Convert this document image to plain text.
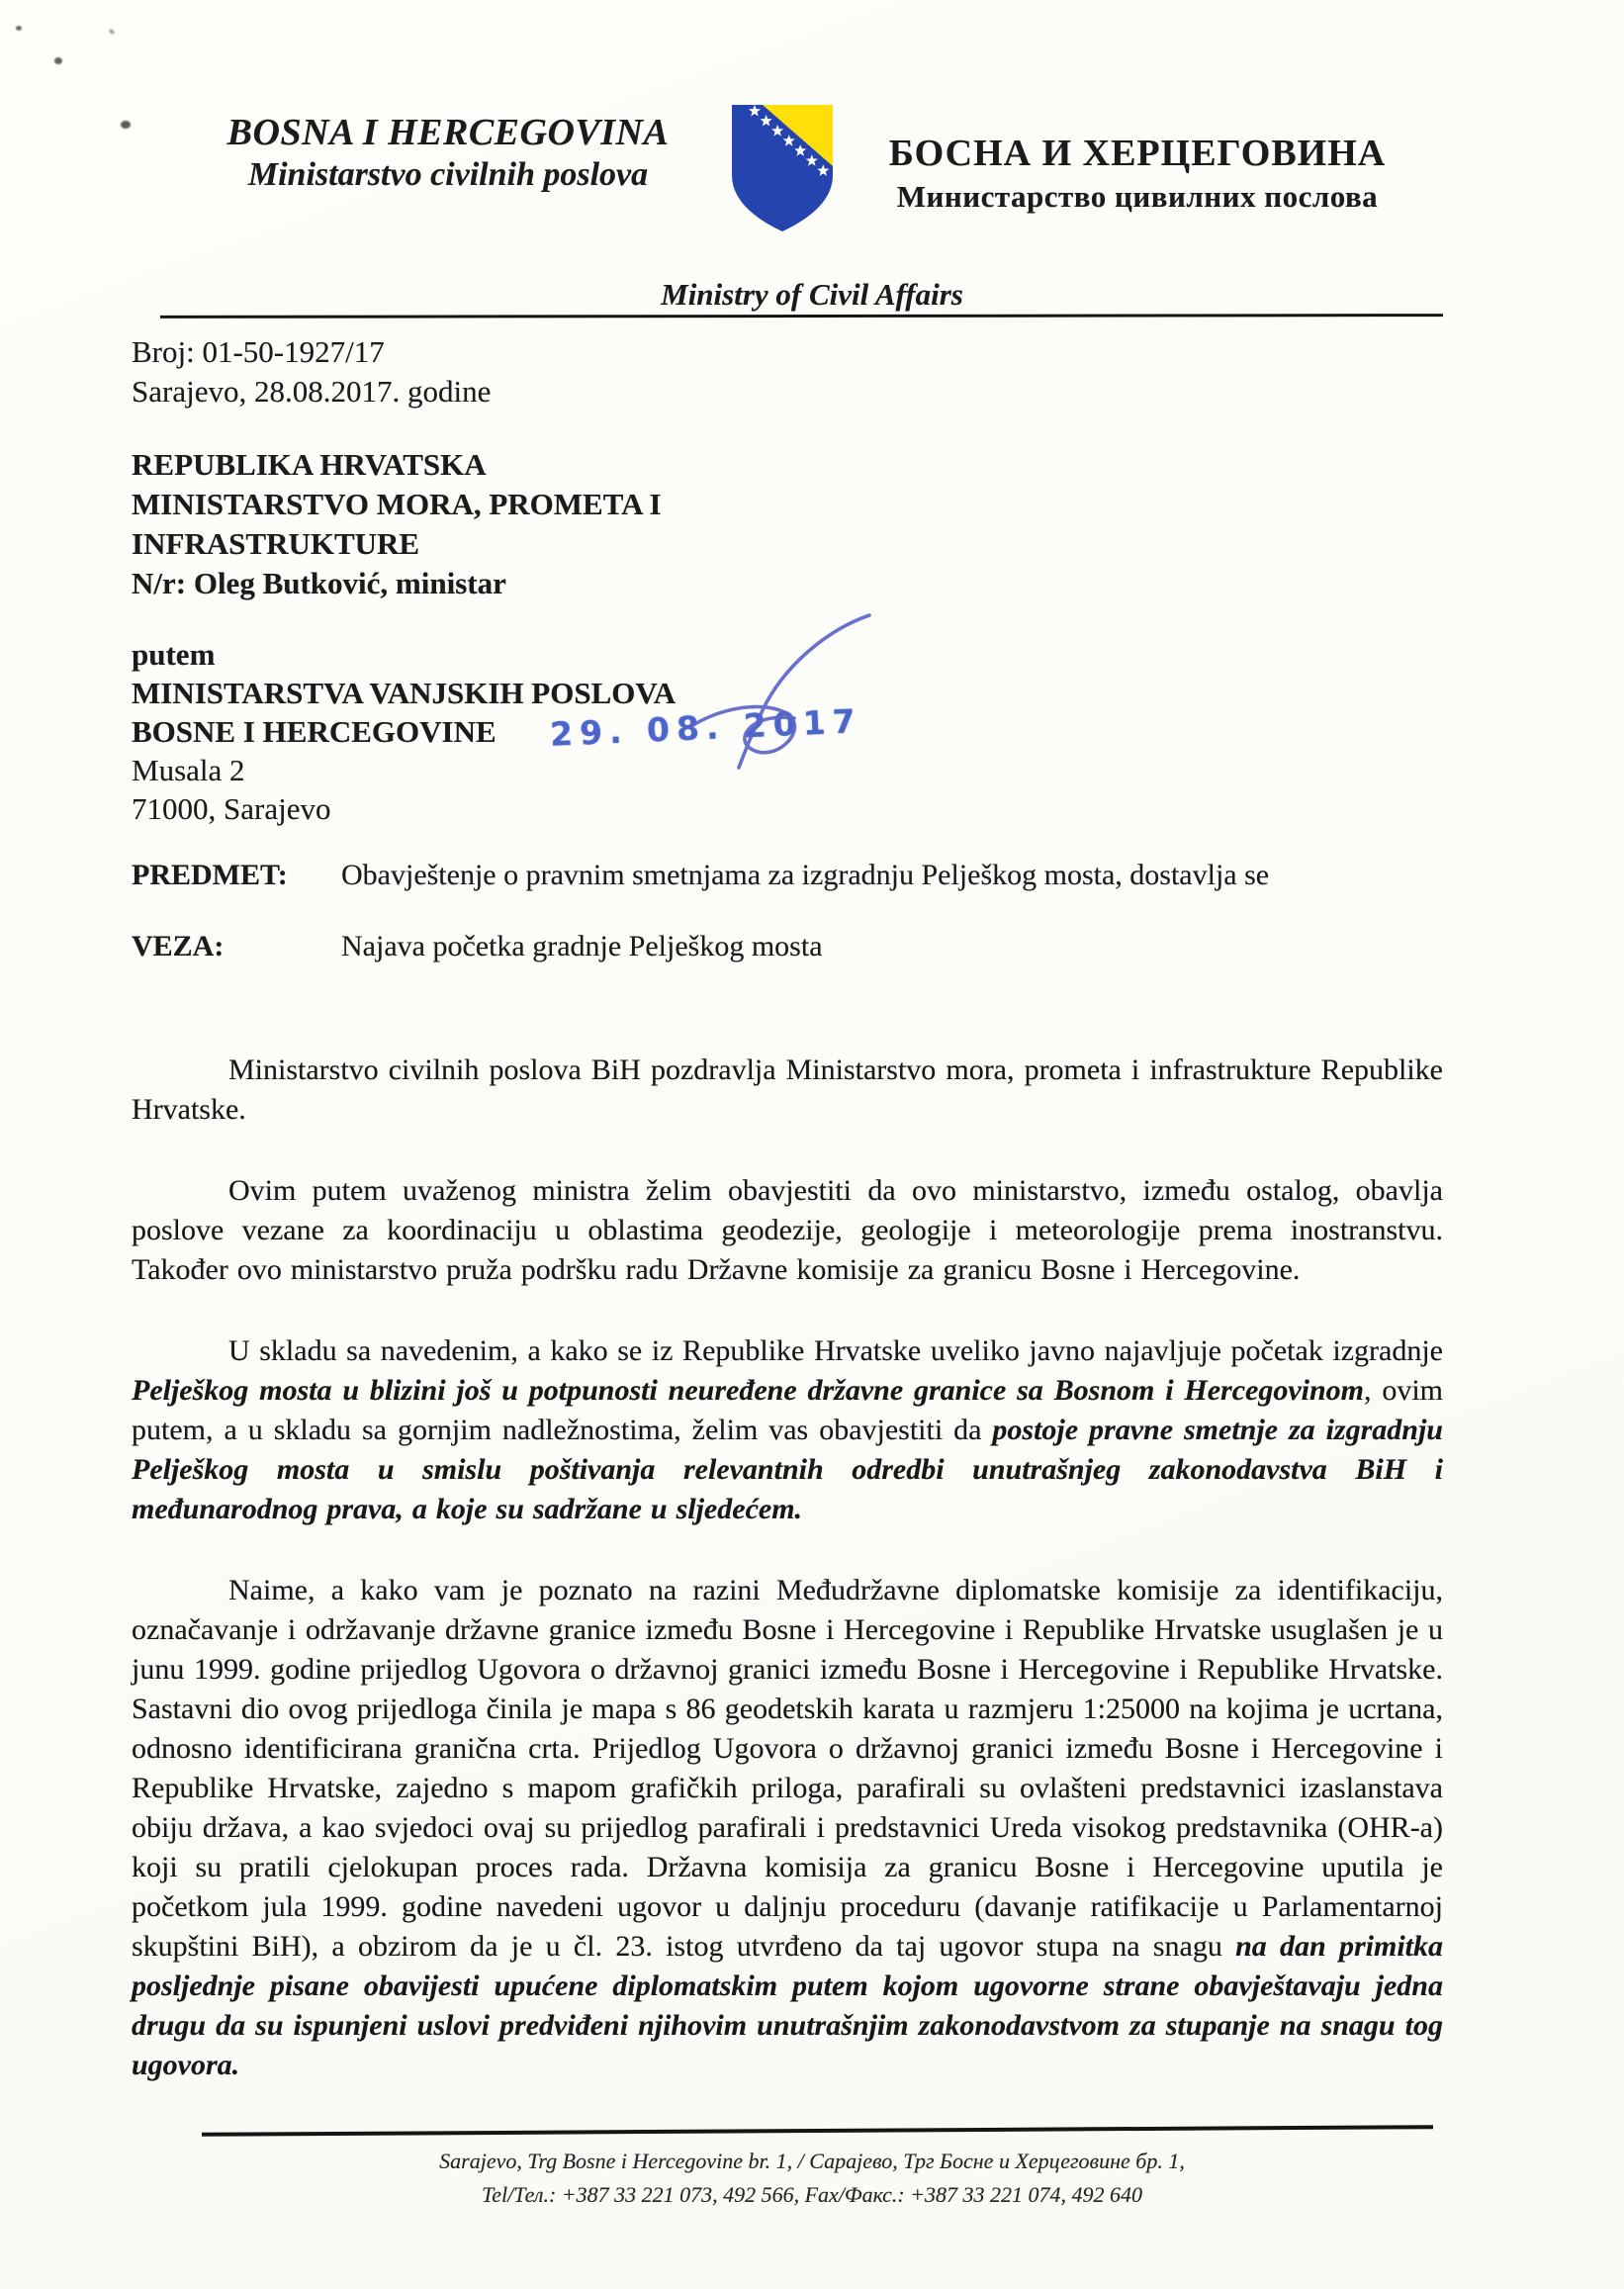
BOSNA I HERCEGOVINA
Ministarstvo civilnih poslova
БОСНА И ХЕРЦЕГОВИНА
Министарство цивилних послова
Ministry of Civil Affairs
Broj: 01-50-1927/17
Sarajevo, 28.08.2017. godine
REPUBLIKA HRVATSKA
MINISTARSTVO MORA, PROMETA I
INFRASTRUKTURE
N/r: Oleg Butković, ministar
putem
MINISTARSTVA VANJSKIH POSLOVA
BOSNE I HERCEGOVINE
Musala 2
71000, Sarajevo
29. 08. 2017
PREDMET: Obavještenje o pravnim smetnjama za izgradnju Pelješkog mosta, dostavlja se
VEZA:	Najava početka gradnje Pelješkog mosta

Ministarstvo civilnih poslova BiH pozdravlja Ministarstvo mora, prometa i infrastrukture Republike Hrvatske.

Ovim putem uvaženog ministra želim obavjestiti da ovo ministarstvo, između ostalog, obavlja poslove vezane za koordinaciju u oblastima geodezije, geologije i meteorologije prema inostranstvu. Također ovo ministarstvo pruža podršku radu Državne komisije za granicu Bosne i Hercegovine.

U skladu sa navedenim, a kako se iz Republike Hrvatske uveliko javno najavljuje početak izgradnje Pelješkog mosta u blizini još u potpunosti neuređene državne granice sa Bosnom i Hercegovinom, ovim putem, a u skladu sa gornjim nadležnostima, želim vas obavjestiti da postoje pravne smetnje za izgradnju Pelješkog mosta u smislu poštivanja relevantnih odredbi unutrašnjeg zakonodavstva BiH i međunarodnog prava, a koje su sadržane u sljedećem.

Naime, a kako vam je poznato na razini Međudržavne diplomatske komisije za identifikaciju, označavanje i održavanje državne granice između Bosne i Hercegovine i Republike Hrvatske usuglašen je u junu 1999. godine prijedlog Ugovora o državnoj granici između Bosne i Hercegovine i Republike Hrvatske. Sastavni dio ovog prijedloga činila je mapa s 86 geodetskih karata u razmjeru 1:25000 na kojima je ucrtana, odnosno identificirana granična crta. Prijedlog Ugovora o državnoj granici između Bosne i Hercegovine i Republike Hrvatske, zajedno s mapom grafičkih priloga, parafirali su ovlašteni predstavnici izaslanstava obiju država, a kao svjedoci ovaj su prijedlog parafirali i predstavnici Ureda visokog predstavnika (OHR-a) koji su pratili cjelokupan proces rada. Državna komisija za granicu Bosne i Hercegovine uputila je početkom jula 1999. godine navedeni ugovor u daljnju proceduru (davanje ratifikacije u Parlamentarnoj skupštini BiH), a obzirom da je u čl. 23. istog utvrđeno da taj ugovor stupa na snagu na dan primitka posljednje pisane obavijesti upućene diplomatskim putem kojom ugovorne strane obavještavaju jedna drugu da su ispunjeni uslovi predviđeni njihovim unutrašnjim zakonodavstvom za stupanje na snagu tog ugovora.

Sarajevo, Trg Bosne i Hercegovine br. 1, / Сарајево, Трг Босне и Херцеговине бр. 1,
Tel/Тел.: +387 33 221 073, 492 566, Fax/Факс.: +387 33 221 074, 492 640
